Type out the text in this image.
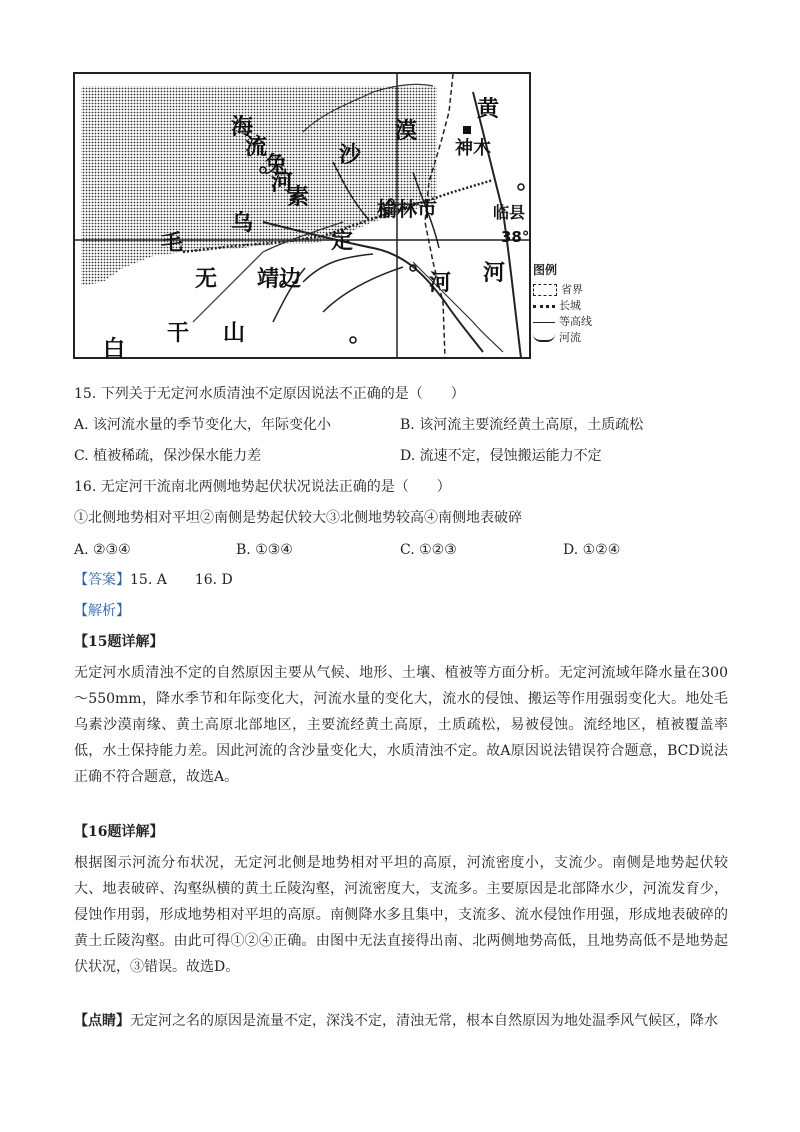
黄
神木
漠
沙
海
流
兔
河
素	榆林市	临县
38°
乌
毛	定
无 靖边	河 河
干 山
白
图例
省界
长城
等高线
河流
15. 下列关于无定河水质清浊不定原因说法不正确的是（　　）
A. 该河流水量的季节变化大，年际变化小	B. 该河流主要流经黄土高原，土质疏松
C. 植被稀疏，保沙保水能力差	D. 流速不定，侵蚀搬运能力不定
16. 无定河干流南北两侧地势起伏状况说法正确的是（　　）
①北侧地势相对平坦②南侧是势起伏较大③北侧地势较高④南侧地表破碎
A. ②③④	B. ①③④	C. ①②③	D. ①②④
【答案】15. A　　16. D
【解析】
【15题详解】
无定河水质清浊不定的自然原因主要从气候、地形、土壤、植被等方面分析。无定河流域年降水量在300～550mm，降水季节和年际变化大，河流水量的变化大，流水的侵蚀、搬运等作用强弱变化大。地处毛乌素沙漠南缘、黄土高原北部地区，主要流经黄土高原，土质疏松，易被侵蚀。流经地区，植被覆盖率低，水土保持能力差。因此河流的含沙量变化大，水质清浊不定。故A原因说法错误符合题意，BCD说法正确不符合题意，故选A。
【16题详解】
根据图示河流分布状况，无定河北侧是地势相对平坦的高原，河流密度小，支流少。南侧是地势起伏较大、地表破碎、沟壑纵横的黄土丘陵沟壑，河流密度大，支流多。主要原因是北部降水少，河流发育少，侵蚀作用弱，形成地势相对平坦的高原。南侧降水多且集中，支流多、流水侵蚀作用强，形成地表破碎的黄土丘陵沟壑。由此可得①②④正确。由图中无法直接得出南、北两侧地势高低，且地势高低不是地势起伏状况，③错误。故选D。
【点睛】无定河之名的原因是流量不定，深浅不定，清浊无常，根本自然原因为地处温季风气候区，降水
